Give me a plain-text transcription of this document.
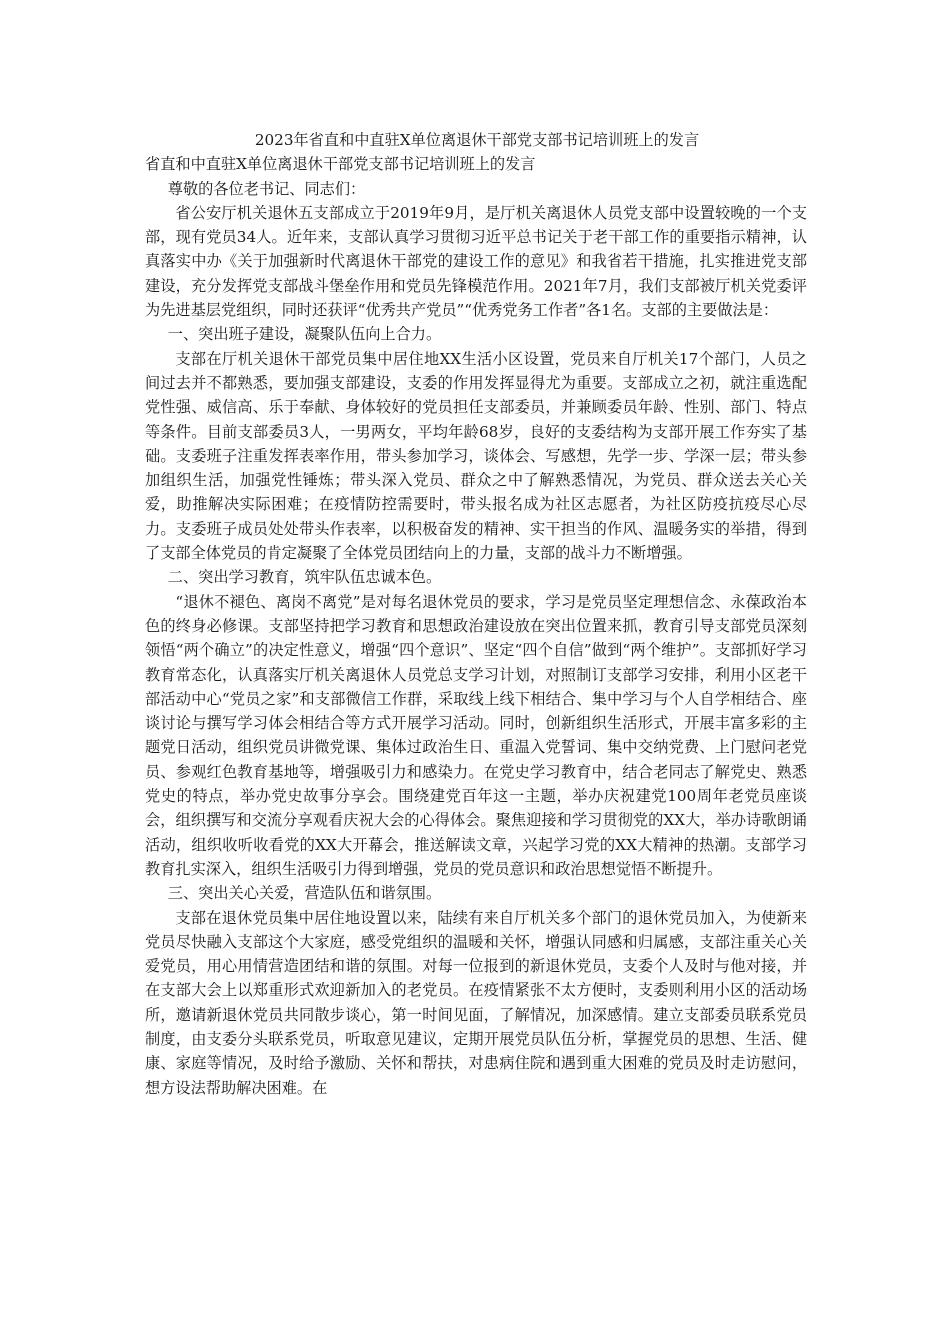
2023年省直和中直驻X单位离退休干部党支部书记培训班上的发言

省直和中直驻X单位离退休干部党支部书记培训班上的发言

尊敬的各位老书记、同志们：

省公安厅机关退休五支部成立于2019年9月，是厅机关离退休人员党支部中设置较晚的一个支部，现有党员34人。近年来，支部认真学习贯彻习近平总书记关于老干部工作的重要指示精神，认真落实中办《关于加强新时代离退休干部党的建设工作的意见》和我省若干措施，扎实推进党支部建设，充分发挥党支部战斗堡垒作用和党员先锋模范作用。2021年7月，我们支部被厅机关党委评为先进基层党组织，同时还获评“优秀共产党员”“优秀党务工作者”各1名。支部的主要做法是：

一、突出班子建设，凝聚队伍向上合力。

支部在厅机关退休干部党员集中居住地XX生活小区设置，党员来自厅机关17个部门，人员之间过去并不都熟悉，要加强支部建设，支委的作用发挥显得尤为重要。支部成立之初，就注重选配党性强、威信高、乐于奉献、身体较好的党员担任支部委员，并兼顾委员年龄、性别、部门、特点等条件。目前支部委员3人，一男两女，平均年龄68岁，良好的支委结构为支部开展工作夯实了基础。支委班子注重发挥表率作用，带头参加学习，谈体会、写感想，先学一步、学深一层；带头参加组织生活，加强党性锤炼；带头深入党员、群众之中了解熟悉情况，为党员、群众送去关心关爱，助推解决实际困难；在疫情防控需要时，带头报名成为社区志愿者，为社区防疫抗疫尽心尽力。支委班子成员处处带头作表率，以积极奋发的精神、实干担当的作风、温暖务实的举措，得到了支部全体党员的肯定凝聚了全体党员团结向上的力量，支部的战斗力不断增强。

二、突出学习教育，筑牢队伍忠诚本色。

“退休不褪色、离岗不离党”是对每名退休党员的要求，学习是党员坚定理想信念、永葆政治本色的终身必修课。支部坚持把学习教育和思想政治建设放在突出位置来抓，教育引导支部党员深刻领悟“两个确立”的决定性意义，增强“四个意识”、坚定“四个自信”做到“两个维护”。支部抓好学习教育常态化，认真落实厅机关离退休人员党总支学习计划，对照制订支部学习安排，利用小区老干部活动中心“党员之家”和支部微信工作群，采取线上线下相结合、集中学习与个人自学相结合、座谈讨论与撰写学习体会相结合等方式开展学习活动。同时，创新组织生活形式，开展丰富多彩的主题党日活动，组织党员讲微党课、集体过政治生日、重温入党誓词、集中交纳党费、上门慰问老党员、参观红色教育基地等，增强吸引力和感染力。在党史学习教育中，结合老同志了解党史、熟悉党史的特点，举办党史故事分享会。围绕建党百年这一主题，举办庆祝建党100周年老党员座谈会，组织撰写和交流分享观看庆祝大会的心得体会。聚焦迎接和学习贯彻党的XX大，举办诗歌朗诵活动，组织收听收看党的XX大开幕会，推送解读文章，兴起学习党的XX大精神的热潮。支部学习教育扎实深入，组织生活吸引力得到增强，党员的党员意识和政治思想觉悟不断提升。

三、突出关心关爱，营造队伍和谐氛围。

支部在退休党员集中居住地设置以来，陆续有来自厅机关多个部门的退休党员加入，为使新来党员尽快融入支部这个大家庭，感受党组织的温暖和关怀，增强认同感和归属感，支部注重关心关爱党员，用心用情营造团结和谐的氛围。对每一位报到的新退休党员，支委个人及时与他对接，并在支部大会上以郑重形式欢迎新加入的老党员。在疫情紧张不太方便时，支委则利用小区的活动场所，邀请新退休党员共同散步谈心，第一时间见面，了解情况，加深感情。建立支部委员联系党员制度，由支委分头联系党员，听取意见建议，定期开展党员队伍分析，掌握党员的思想、生活、健康、家庭等情况，及时给予激励、关怀和帮扶，对患病住院和遇到重大困难的党员及时走访慰问，想方设法帮助解决困难。在
